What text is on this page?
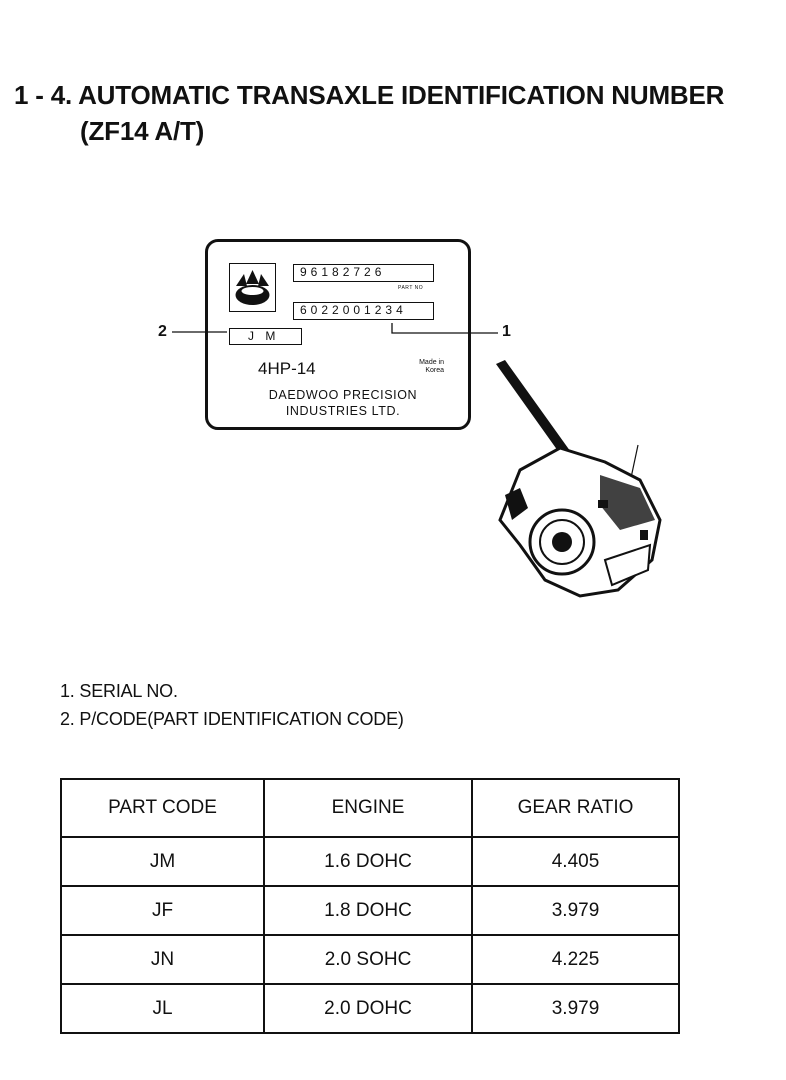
1 - 4. AUTOMATIC TRANSAXLE IDENTIFICATION NUMBER
(ZF14 A/T)
96182726
PART NO
6022001234
J M
4HP-14	Made in
Korea
DAEDWOO PRECISION
INDUSTRIES LTD.
2	1
1. SERIAL NO.
2. P/CODE(PART IDENTIFICATION CODE)
PART CODE	ENGINE	GEAR RATIO
JM	1.6 DOHC	4.405
JF	1.8 DOHC	3.979
JN	2.0 SOHC	4.225
JL	2.0 DOHC	3.979
